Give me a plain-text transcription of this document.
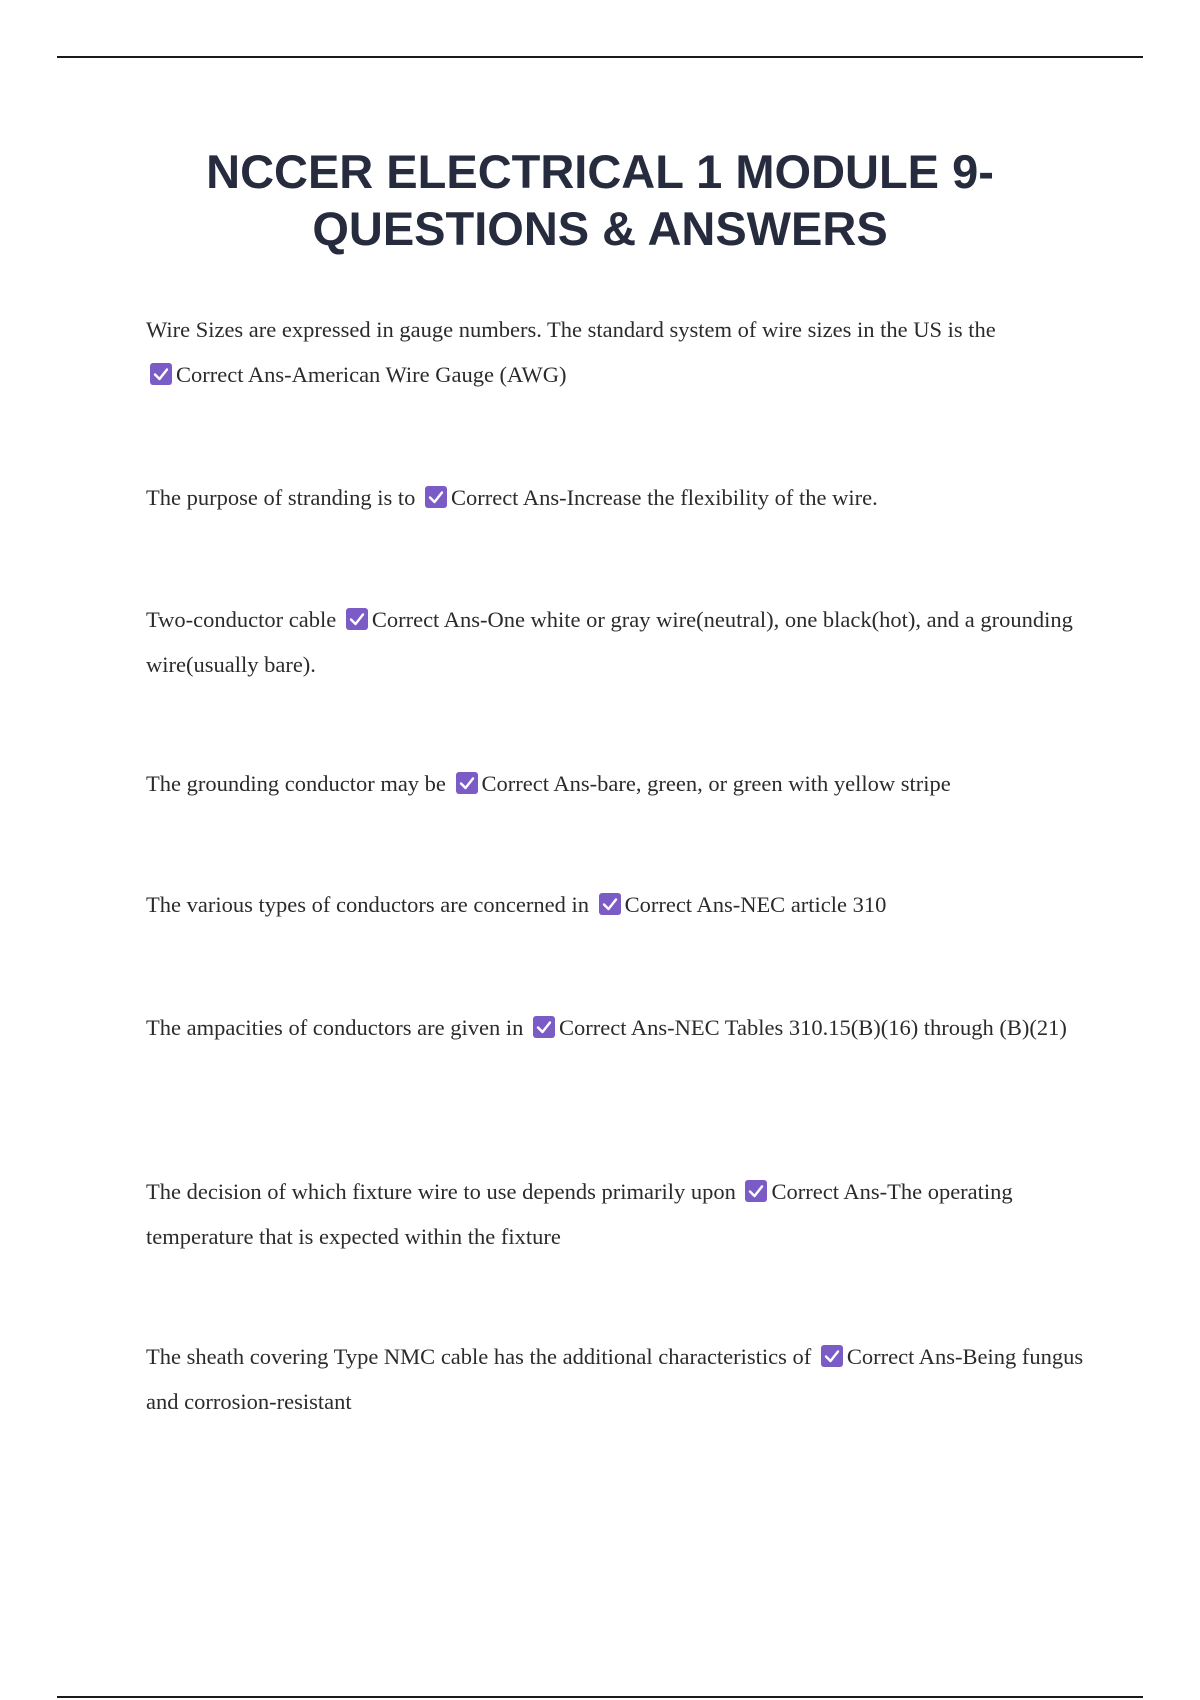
NCCER ELECTRICAL 1 MODULE 9-
QUESTIONS & ANSWERS

Wire Sizes are expressed in gauge numbers. The standard system of wire sizes in the US is the

Correct Ans-American Wire Gauge (AWG)

The purpose of stranding is to Correct Ans-Increase the flexibility of the wire.

Two-conductor cable Correct Ans-One white or gray wire(neutral), one black(hot), and a grounding wire(usually bare).

The grounding conductor may be Correct Ans-bare, green, or green with yellow stripe

The various types of conductors are concerned in Correct Ans-NEC article 310

The ampacities of conductors are given in Correct Ans-NEC Tables 310.15(B)(16) through (B)(21)

The decision of which fixture wire to use depends primarily upon Correct Ans-The operating temperature that is expected within the fixture

The sheath covering Type NMC cable has the additional characteristics of Correct Ans-Being fungus and corrosion-resistant
